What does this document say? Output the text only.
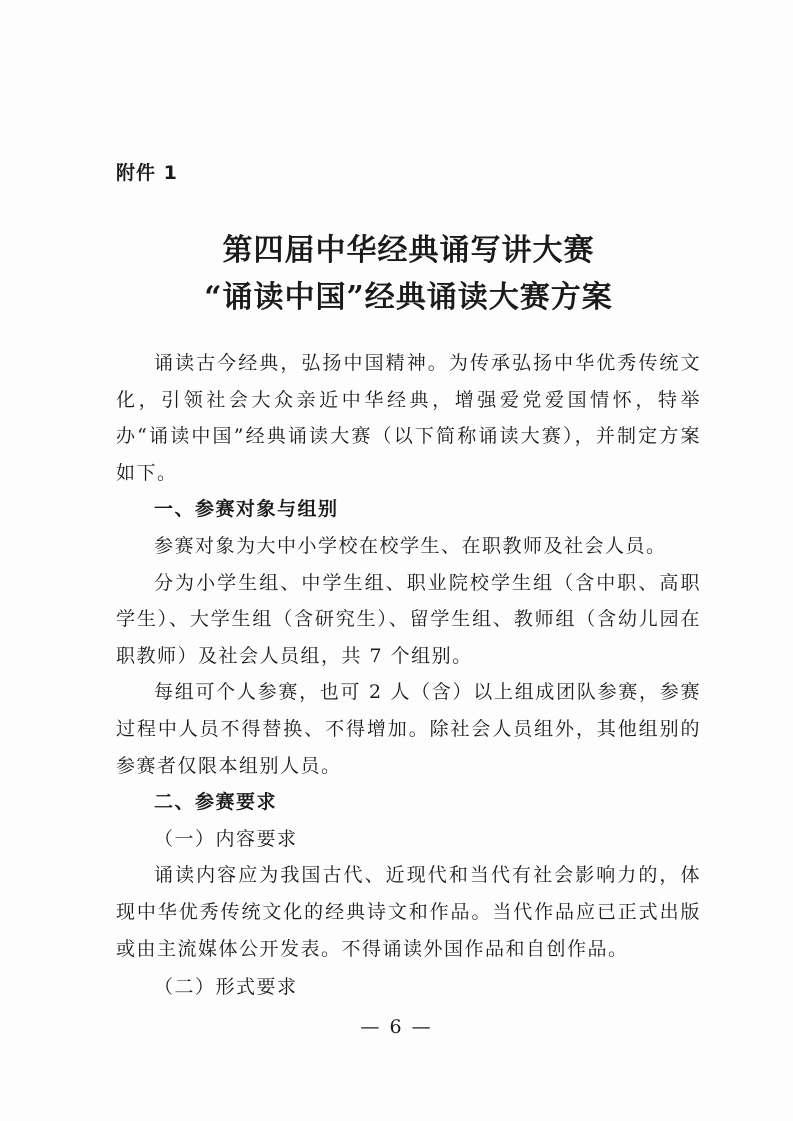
附件 1
第四届中华经典诵写讲大赛
“诵读中国”经典诵读大赛方案

诵读古今经典，弘扬中国精神。为传承弘扬中华优秀传统文化，引领社会大众亲近中华经典，增强爱党爱国情怀，特举办“诵读中国”经典诵读大赛（以下简称诵读大赛），并制定方案如下。

一、参赛对象与组别

参赛对象为大中小学校在校学生、在职教师及社会人员。

分为小学生组、中学生组、职业院校学生组（含中职、高职学生）、大学生组（含研究生）、留学生组、教师组（含幼儿园在职教师）及社会人员组，共 7 个组别。

每组可个人参赛，也可 2 人（含）以上组成团队参赛，参赛过程中人员不得替换、不得增加。除社会人员组外，其他组别的参赛者仅限本组别人员。

二、参赛要求
（一）内容要求

诵读内容应为我国古代、近现代和当代有社会影响力的，体现中华优秀传统文化的经典诗文和作品。当代作品应已正式出版或由主流媒体公开发表。不得诵读外国作品和自创作品。

（二）形式要求
— 6 —
